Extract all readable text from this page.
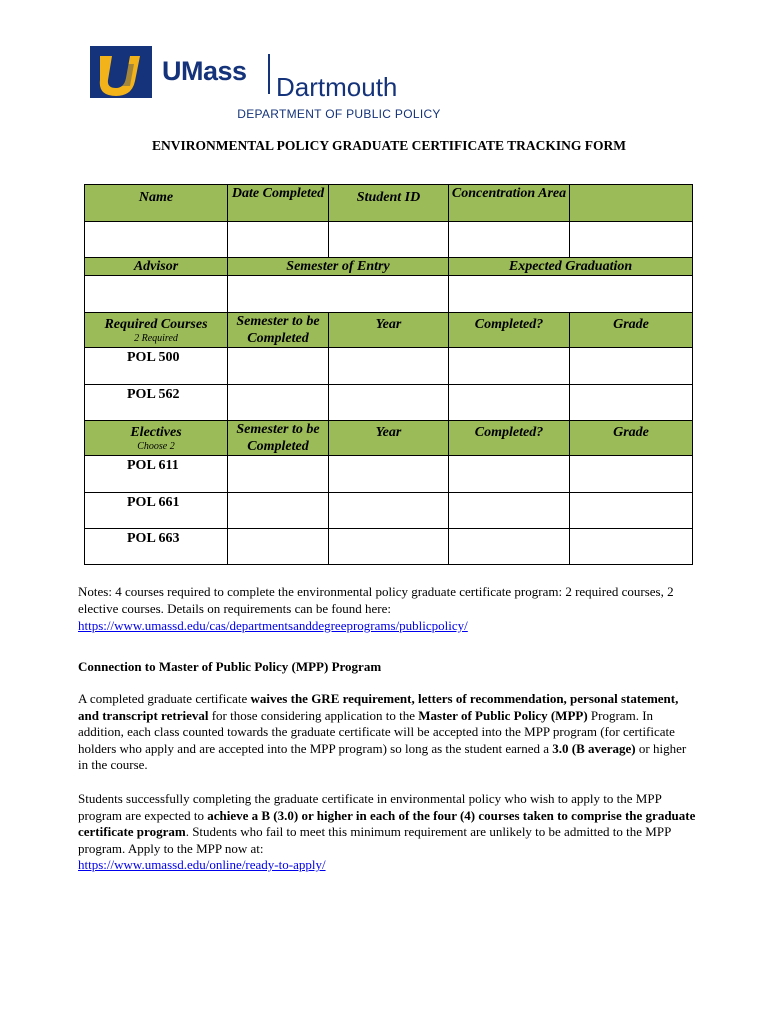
UMass
Dartmouth
DEPARTMENT OF PUBLIC POLICY
ENVIRONMENTAL POLICY GRADUATE CERTIFICATE TRACKING FORM
Name	Date Completed	Student ID	Concentration Area	

Advisor	Semester of Entry		Expected Graduation	

Required Courses
2 Required	Semester to be Completed	Year	Completed?	Grade

POL 500				
POL 562				

Electives
Choose 2	Semester to be Completed	Year	Completed?	Grade

POL 611				
POL 661				
POL 663				

Notes: 4 courses required to complete the environmental policy graduate certificate program: 2 required courses, 2 elective courses. Details on requirements can be found here:
https://www.umassd.edu/cas/departmentsanddegreeprograms/publicpolicy/

Connection to Master of Public Policy (MPP) Program

A completed graduate certificate waives the GRE requirement, letters of recommendation, personal statement, and transcript retrieval for those considering application to the Master of Public Policy (MPP) Program. In addition, each class counted towards the graduate certificate will be accepted into the MPP program (for certificate holders who apply and are accepted into the MPP program) so long as the student earned a 3.0 (B average) or higher in the course.

Students successfully completing the graduate certificate in environmental policy who wish to apply to the MPP program are expected to achieve a B (3.0) or higher in each of the four (4) courses taken to comprise the graduate certificate program. Students who fail to meet this minimum requirement are unlikely to be admitted to the MPP program. Apply to the MPP now at:
https://www.umassd.edu/online/ready-to-apply/
